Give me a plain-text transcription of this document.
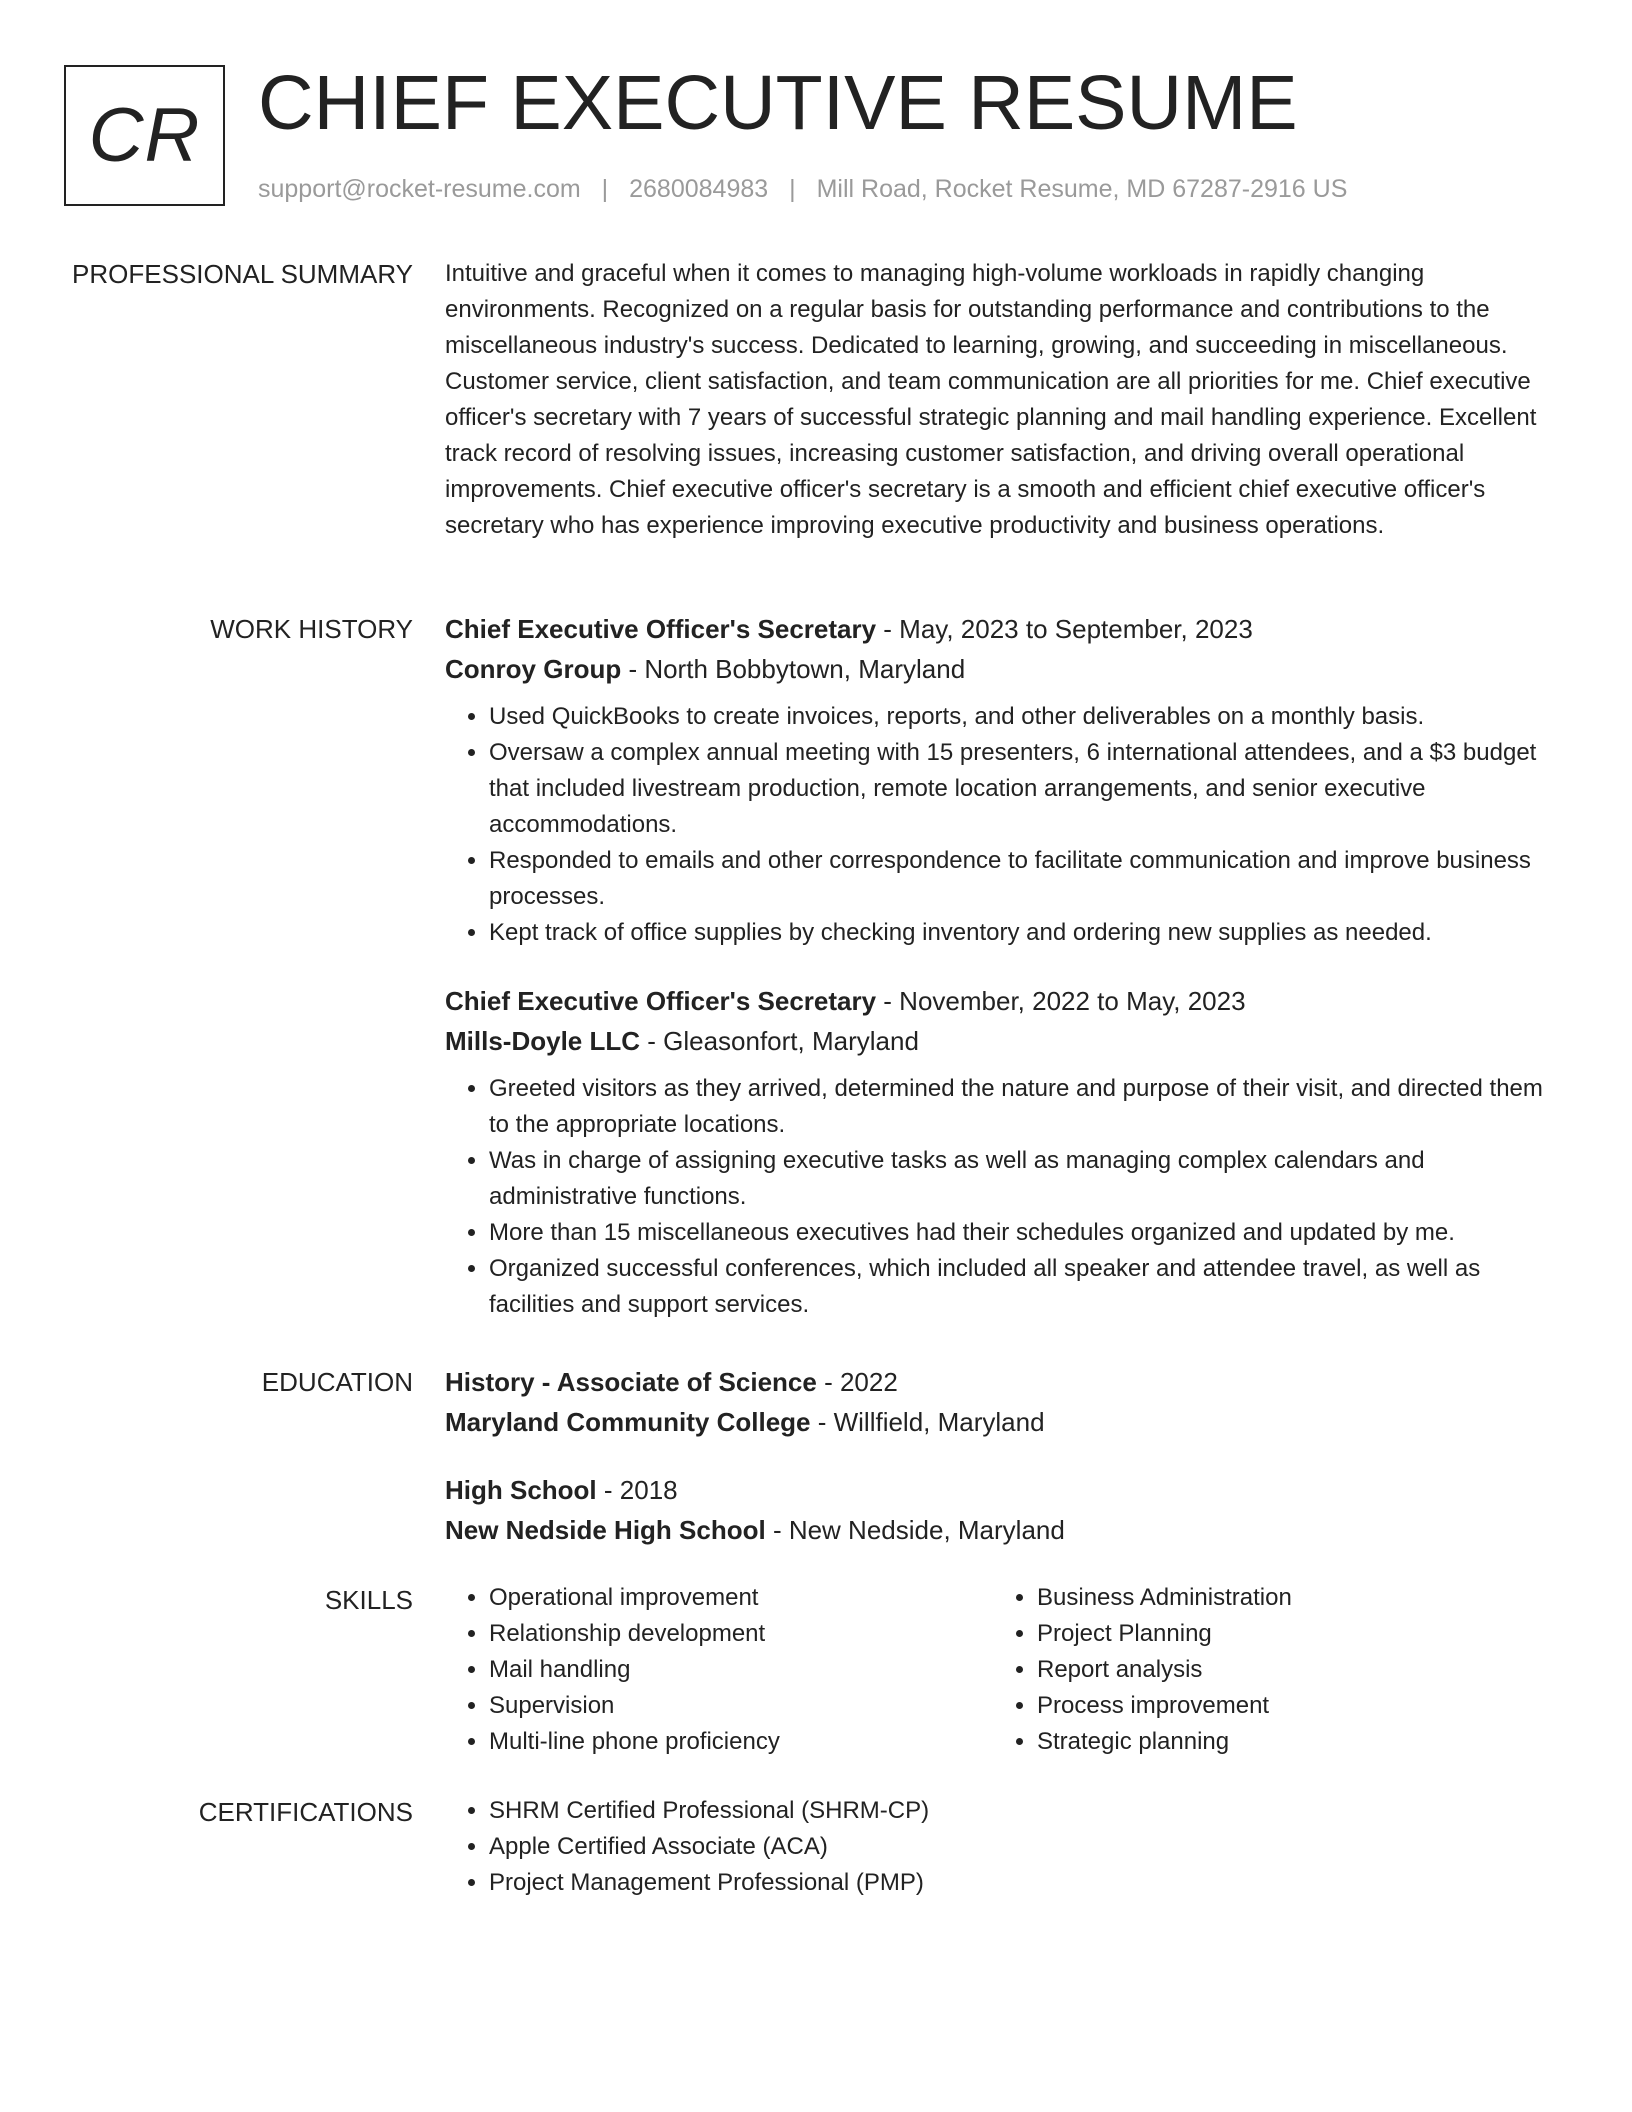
CR CHIEF EXECUTIVE RESUME
support@rocket-resume.com | 2680084983 | Mill Road, Rocket Resume, MD 67287-2916 US
PROFESSIONAL SUMMARY Intuitive and graceful when it comes to managing high-volume workloads in rapidly changing environments. Recognized on a regular basis for outstanding performance and contributions to the miscellaneous industry's success. Dedicated to learning, growing, and succeeding in miscellaneous. Customer service, client satisfaction, and team communication are all priorities for me. Chief executive officer's secretary with 7 years of successful strategic planning and mail handling experience. Excellent track record of resolving issues, increasing customer satisfaction, and driving overall operational improvements. Chief executive officer's secretary is a smooth and efficient chief executive officer's secretary who has experience improving executive productivity and business operations.

WORK HISTORY Chief Executive Officer's Secretary - May, 2023 to September, 2023
Conroy Group - North Bobbytown, Maryland
• Used QuickBooks to create invoices, reports, and other deliverables on a monthly basis.
• Oversaw a complex annual meeting with 15 presenters, 6 international attendees, and a $3 budget that included livestream production, remote location arrangements, and senior executive accommodations.
• Responded to emails and other correspondence to facilitate communication and improve business processes.
• Kept track of office supplies by checking inventory and ordering new supplies as needed.
Chief Executive Officer's Secretary - November, 2022 to May, 2023
Mills-Doyle LLC - Gleasonfort, Maryland
• Greeted visitors as they arrived, determined the nature and purpose of their visit, and directed them to the appropriate locations.
• Was in charge of assigning executive tasks as well as managing complex calendars and administrative functions.
• More than 15 miscellaneous executives had their schedules organized and updated by me.
• Organized successful conferences, which included all speaker and attendee travel, as well as facilities and support services.
EDUCATION History - Associate of Science - 2022
Maryland Community College - Willfield, Maryland
High School - 2018
New Nedside High School - New Nedside, Maryland
SKILLS	• Operational improvement
• Relationship development
• Mail handling
• Supervision
• Multi-line phone proficiency
• Business Administration
• Project Planning
• Report analysis
• Process improvement
• Strategic planning
CERTIFICATIONS	• SHRM Certified Professional (SHRM-CP)
• Apple Certified Associate (ACA)
• Project Management Professional (PMP)
